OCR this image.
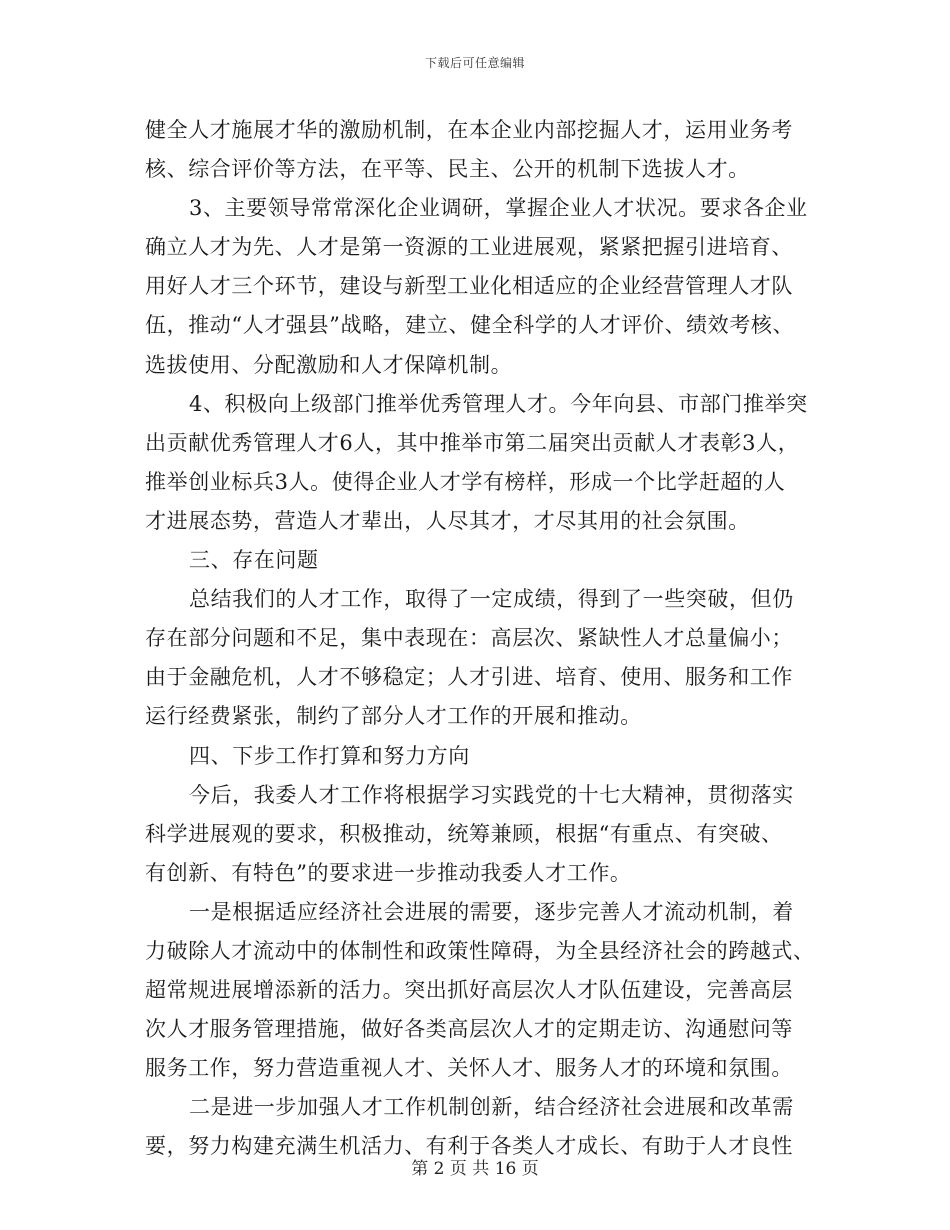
下载后可任意编辑
健全人才施展才华的激励机制，在本企业内部挖掘人才，运用业务考
核、综合评价等方法，在平等、民主、公开的机制下选拔人才。
3、主要领导常常深化企业调研，掌握企业人才状况。要求各企业
确立人才为先、人才是第一资源的工业进展观，紧紧把握引进培育、
用好人才三个环节，建设与新型工业化相适应的企业经营管理人才队
伍，推动“人才强县”战略，建立、健全科学的人才评价、绩效考核、
选拔使用、分配激励和人才保障机制。
4、积极向上级部门推举优秀管理人才。今年向县、市部门推举突
出贡献优秀管理人才6人，其中推举市第二届突出贡献人才表彰3人，
推举创业标兵3人。使得企业人才学有榜样，形成一个比学赶超的人
才进展态势，营造人才辈出，人尽其才，才尽其用的社会氛围。
三、存在问题
总结我们的人才工作，取得了一定成绩，得到了一些突破，但仍
存在部分问题和不足，集中表现在：高层次、紧缺性人才总量偏小；
由于金融危机，人才不够稳定；人才引进、培育、使用、服务和工作
运行经费紧张，制约了部分人才工作的开展和推动。
四、下步工作打算和努力方向
今后，我委人才工作将根据学习实践党的十七大精神，贯彻落实
科学进展观的要求，积极推动，统筹兼顾，根据“有重点、有突破、
有创新、有特色”的要求进一步推动我委人才工作。
一是根据适应经济社会进展的需要，逐步完善人才流动机制，着
力破除人才流动中的体制性和政策性障碍，为全县经济社会的跨越式、
超常规进展增添新的活力。突出抓好高层次人才队伍建设，完善高层
次人才服务管理措施，做好各类高层次人才的定期走访、沟通慰问等
服务工作，努力营造重视人才、关怀人才、服务人才的环境和氛围。
二是进一步加强人才工作机制创新，结合经济社会进展和改革需
要，努力构建充满生机活力、有利于各类人才成长、有助于人才良性
第 2 页 共 16 页
